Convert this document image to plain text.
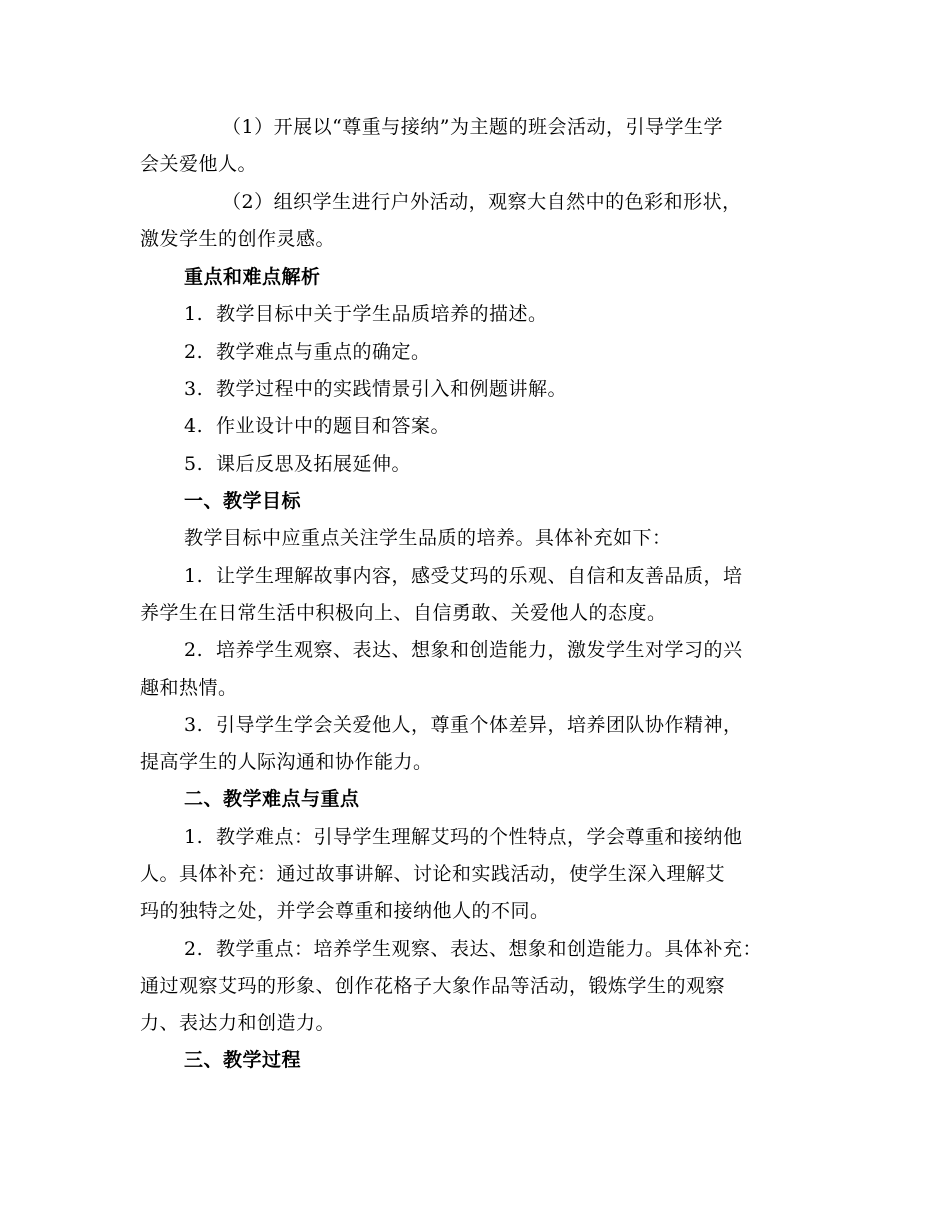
（1）开展以“尊重与接纳”为主题的班会活动，引导学生学
会关爱他人。
（2）组织学生进行户外活动，观察大自然中的色彩和形状，
激发学生的创作灵感。
重点和难点解析
1. 教学目标中关于学生品质培养的描述。
2. 教学难点与重点的确定。
3. 教学过程中的实践情景引入和例题讲解。
4. 作业设计中的题目和答案。
5. 课后反思及拓展延伸。
一、教学目标
教学目标中应重点关注学生品质的培养。具体补充如下：
1. 让学生理解故事内容，感受艾玛的乐观、自信和友善品质，培
养学生在日常生活中积极向上、自信勇敢、关爱他人的态度。
2. 培养学生观察、表达、想象和创造能力，激发学生对学习的兴
趣和热情。
3. 引导学生学会关爱他人，尊重个体差异，培养团队协作精神，
提高学生的人际沟通和协作能力。
二、教学难点与重点
1. 教学难点：引导学生理解艾玛的个性特点，学会尊重和接纳他
人。具体补充：通过故事讲解、讨论和实践活动，使学生深入理解艾
玛的独特之处，并学会尊重和接纳他人的不同。
2. 教学重点：培养学生观察、表达、想象和创造能力。具体补充：
通过观察艾玛的形象、创作花格子大象作品等活动，锻炼学生的观察
力、表达力和创造力。
三、教学过程
